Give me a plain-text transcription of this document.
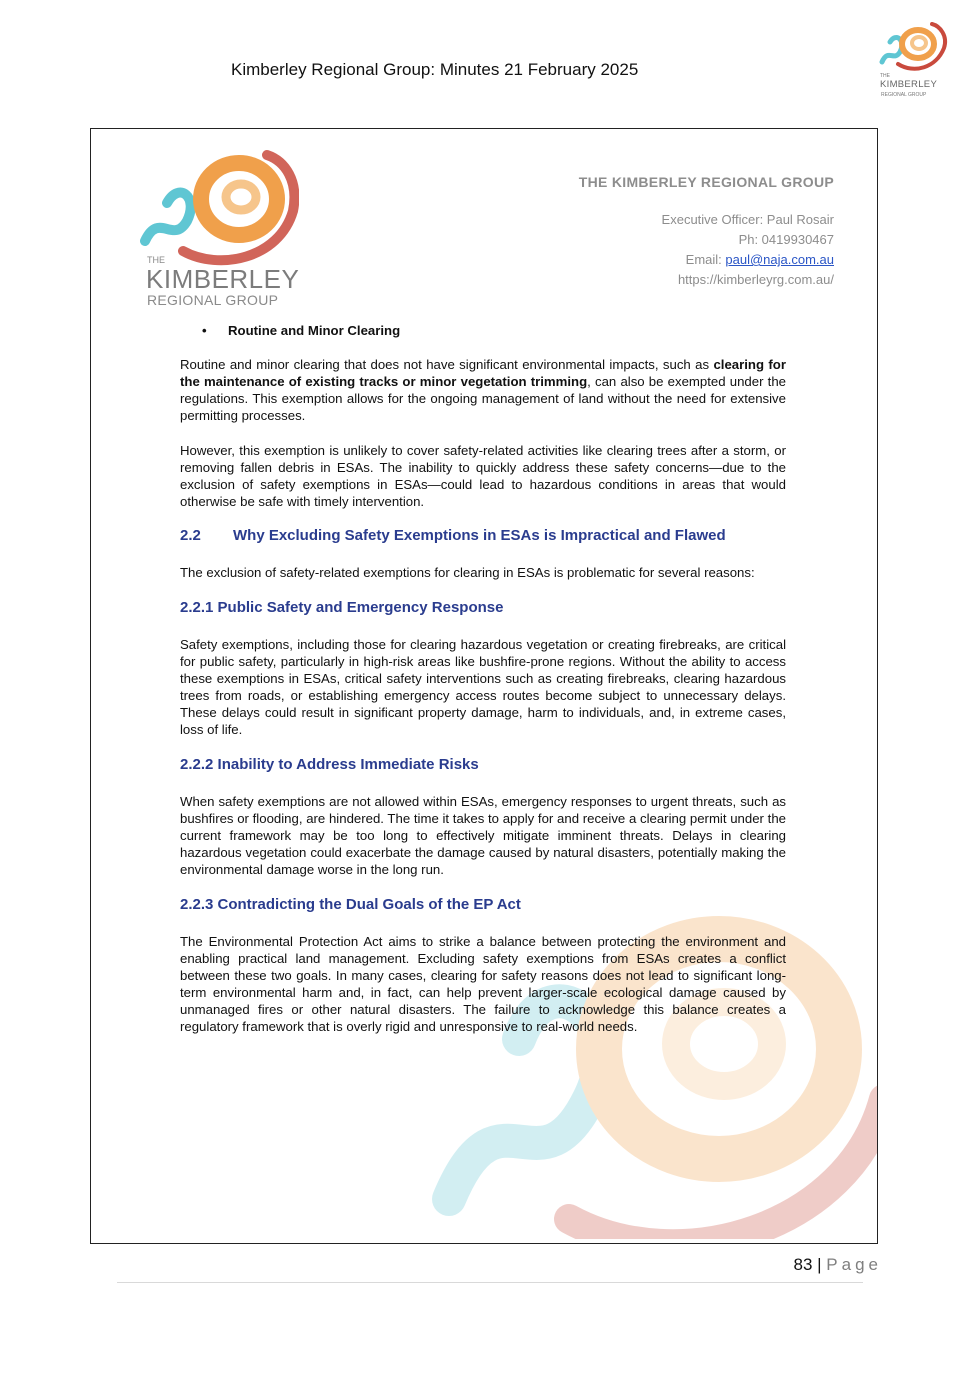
Kimberley Regional Group: Minutes 21 February 2025	THE
KIMBERLEY
REGIONAL GROUP
THE
KIMBERLEY
REGIONAL GROUP
THE KIMBERLEY REGIONAL GROUP
Executive Officer: Paul Rosair
Ph: 0419930467
Email: paul@naja.com.au
https://kimberleyrg.com.au/
•	Routine and Minor Clearing

Routine and minor clearing that does not have significant environmental impacts, such as clearing for the maintenance of existing tracks or minor vegetation trimming, can also be exempted under the regulations. This exemption allows for the ongoing management of land without the need for extensive permitting processes.

However, this exemption is unlikely to cover safety-related activities like clearing trees after a storm, or removing fallen debris in ESAs. The inability to quickly address these safety concerns—due to the exclusion of safety exemptions in ESAs—could lead to hazardous conditions in areas that would otherwise be safe with timely intervention.

2.2	Why Excluding Safety Exemptions in ESAs is Impractical and Flawed

The exclusion of safety-related exemptions for clearing in ESAs is problematic for several reasons:

2.2.1 Public Safety and Emergency Response

Safety exemptions, including those for clearing hazardous vegetation or creating firebreaks, are critical for public safety, particularly in high-risk areas like bushfire-prone regions. Without the ability to access these exemptions in ESAs, critical safety interventions such as creating firebreaks, clearing hazardous trees from roads, or establishing emergency access routes become subject to unnecessary delays. These delays could result in significant property damage, harm to individuals, and, in extreme cases, loss of life.

2.2.2 Inability to Address Immediate Risks

When safety exemptions are not allowed within ESAs, emergency responses to urgent threats, such as bushfires or flooding, are hindered. The time it takes to apply for and receive a clearing permit under the current framework may be too long to effectively mitigate imminent threats. Delays in clearing hazardous vegetation could exacerbate the damage caused by natural disasters, potentially making the environmental damage worse in the long run.

2.2.3 Contradicting the Dual Goals of the EP Act

The Environmental Protection Act aims to strike a balance between protecting the environment and enabling practical land management. Excluding safety exemptions from ESAs creates a conflict between these two goals. In many cases, clearing for safety reasons does not lead to significant long-term environmental harm and, in fact, can help prevent larger-scale ecological damage caused by unmanaged fires or other natural disasters. The failure to acknowledge this balance creates a regulatory framework that is overly rigid and unresponsive to real-world needs.

83 | Page
